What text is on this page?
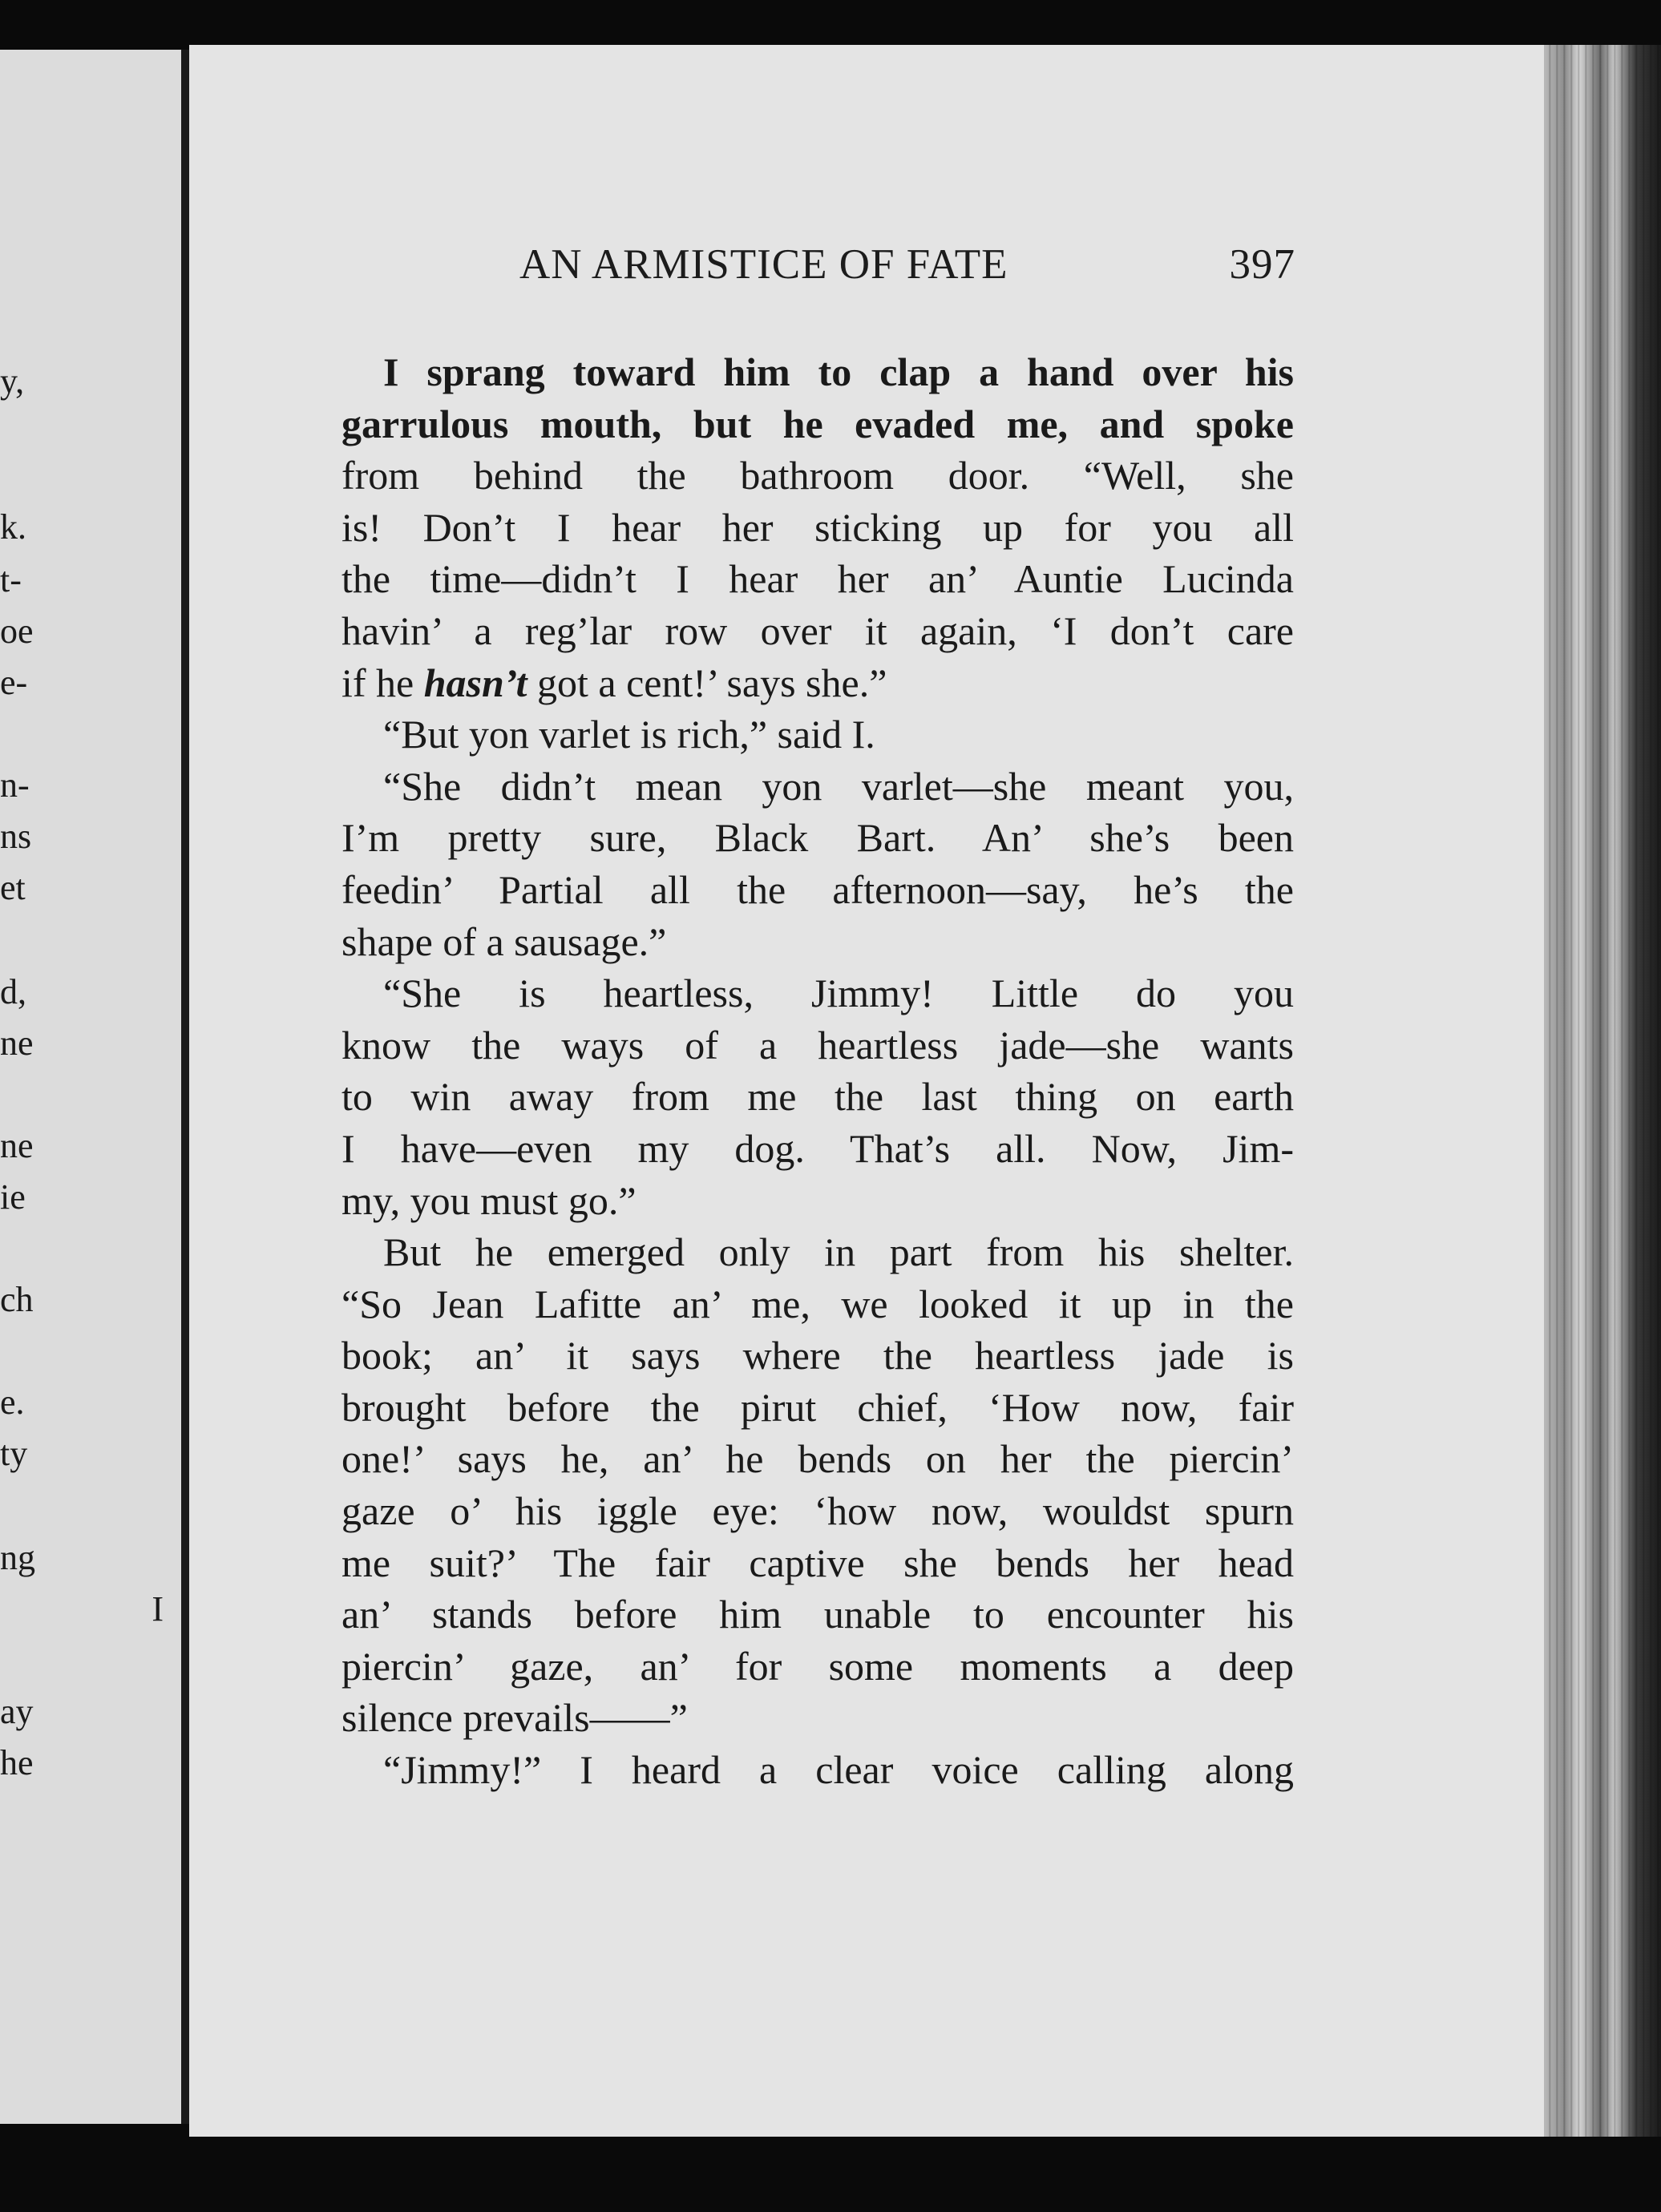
y,
k.
t-
oe
e-
n-
ns
et
d,
ne
ne
ie
ch
e.
ty
ng
I
ay
he
AN ARMISTICE OF FATE	397
I sprang toward him to clap a hand over his
garrulous mouth, but he evaded me, and spoke
from behind the bathroom door. “Well, she
is! Don’t I hear her sticking up for you all
the time—didn’t I hear her an’ Auntie Lucinda
havin’ a reg’lar row over it again, ‘I don’t care
if he hasn’t got a cent!’ says she.”
“But yon varlet is rich,” said I.
“She didn’t mean yon varlet—she meant you,
I’m pretty sure, Black Bart. An’ she’s been
feedin’ Partial all the afternoon—say, he’s the
shape of a sausage.”
“She is heartless, Jimmy! Little do you
know the ways of a heartless jade—she wants
to win away from me the last thing on earth
I have—even my dog. That’s all. Now, Jim-
my, you must go.”
But he emerged only in part from his shelter.
“So Jean Lafitte an’ me, we looked it up in the
book; an’ it says where the heartless jade is
brought before the pirut chief, ‘How now, fair
one!’ says he, an’ he bends on her the piercin’
gaze o’ his iggle eye: ‘how now, wouldst spurn
me suit?’ The fair captive she bends her head
an’ stands before him unable to encounter his
piercin’ gaze, an’ for some moments a deep
silence prevails——”
“Jimmy!” I heard a clear voice calling along
